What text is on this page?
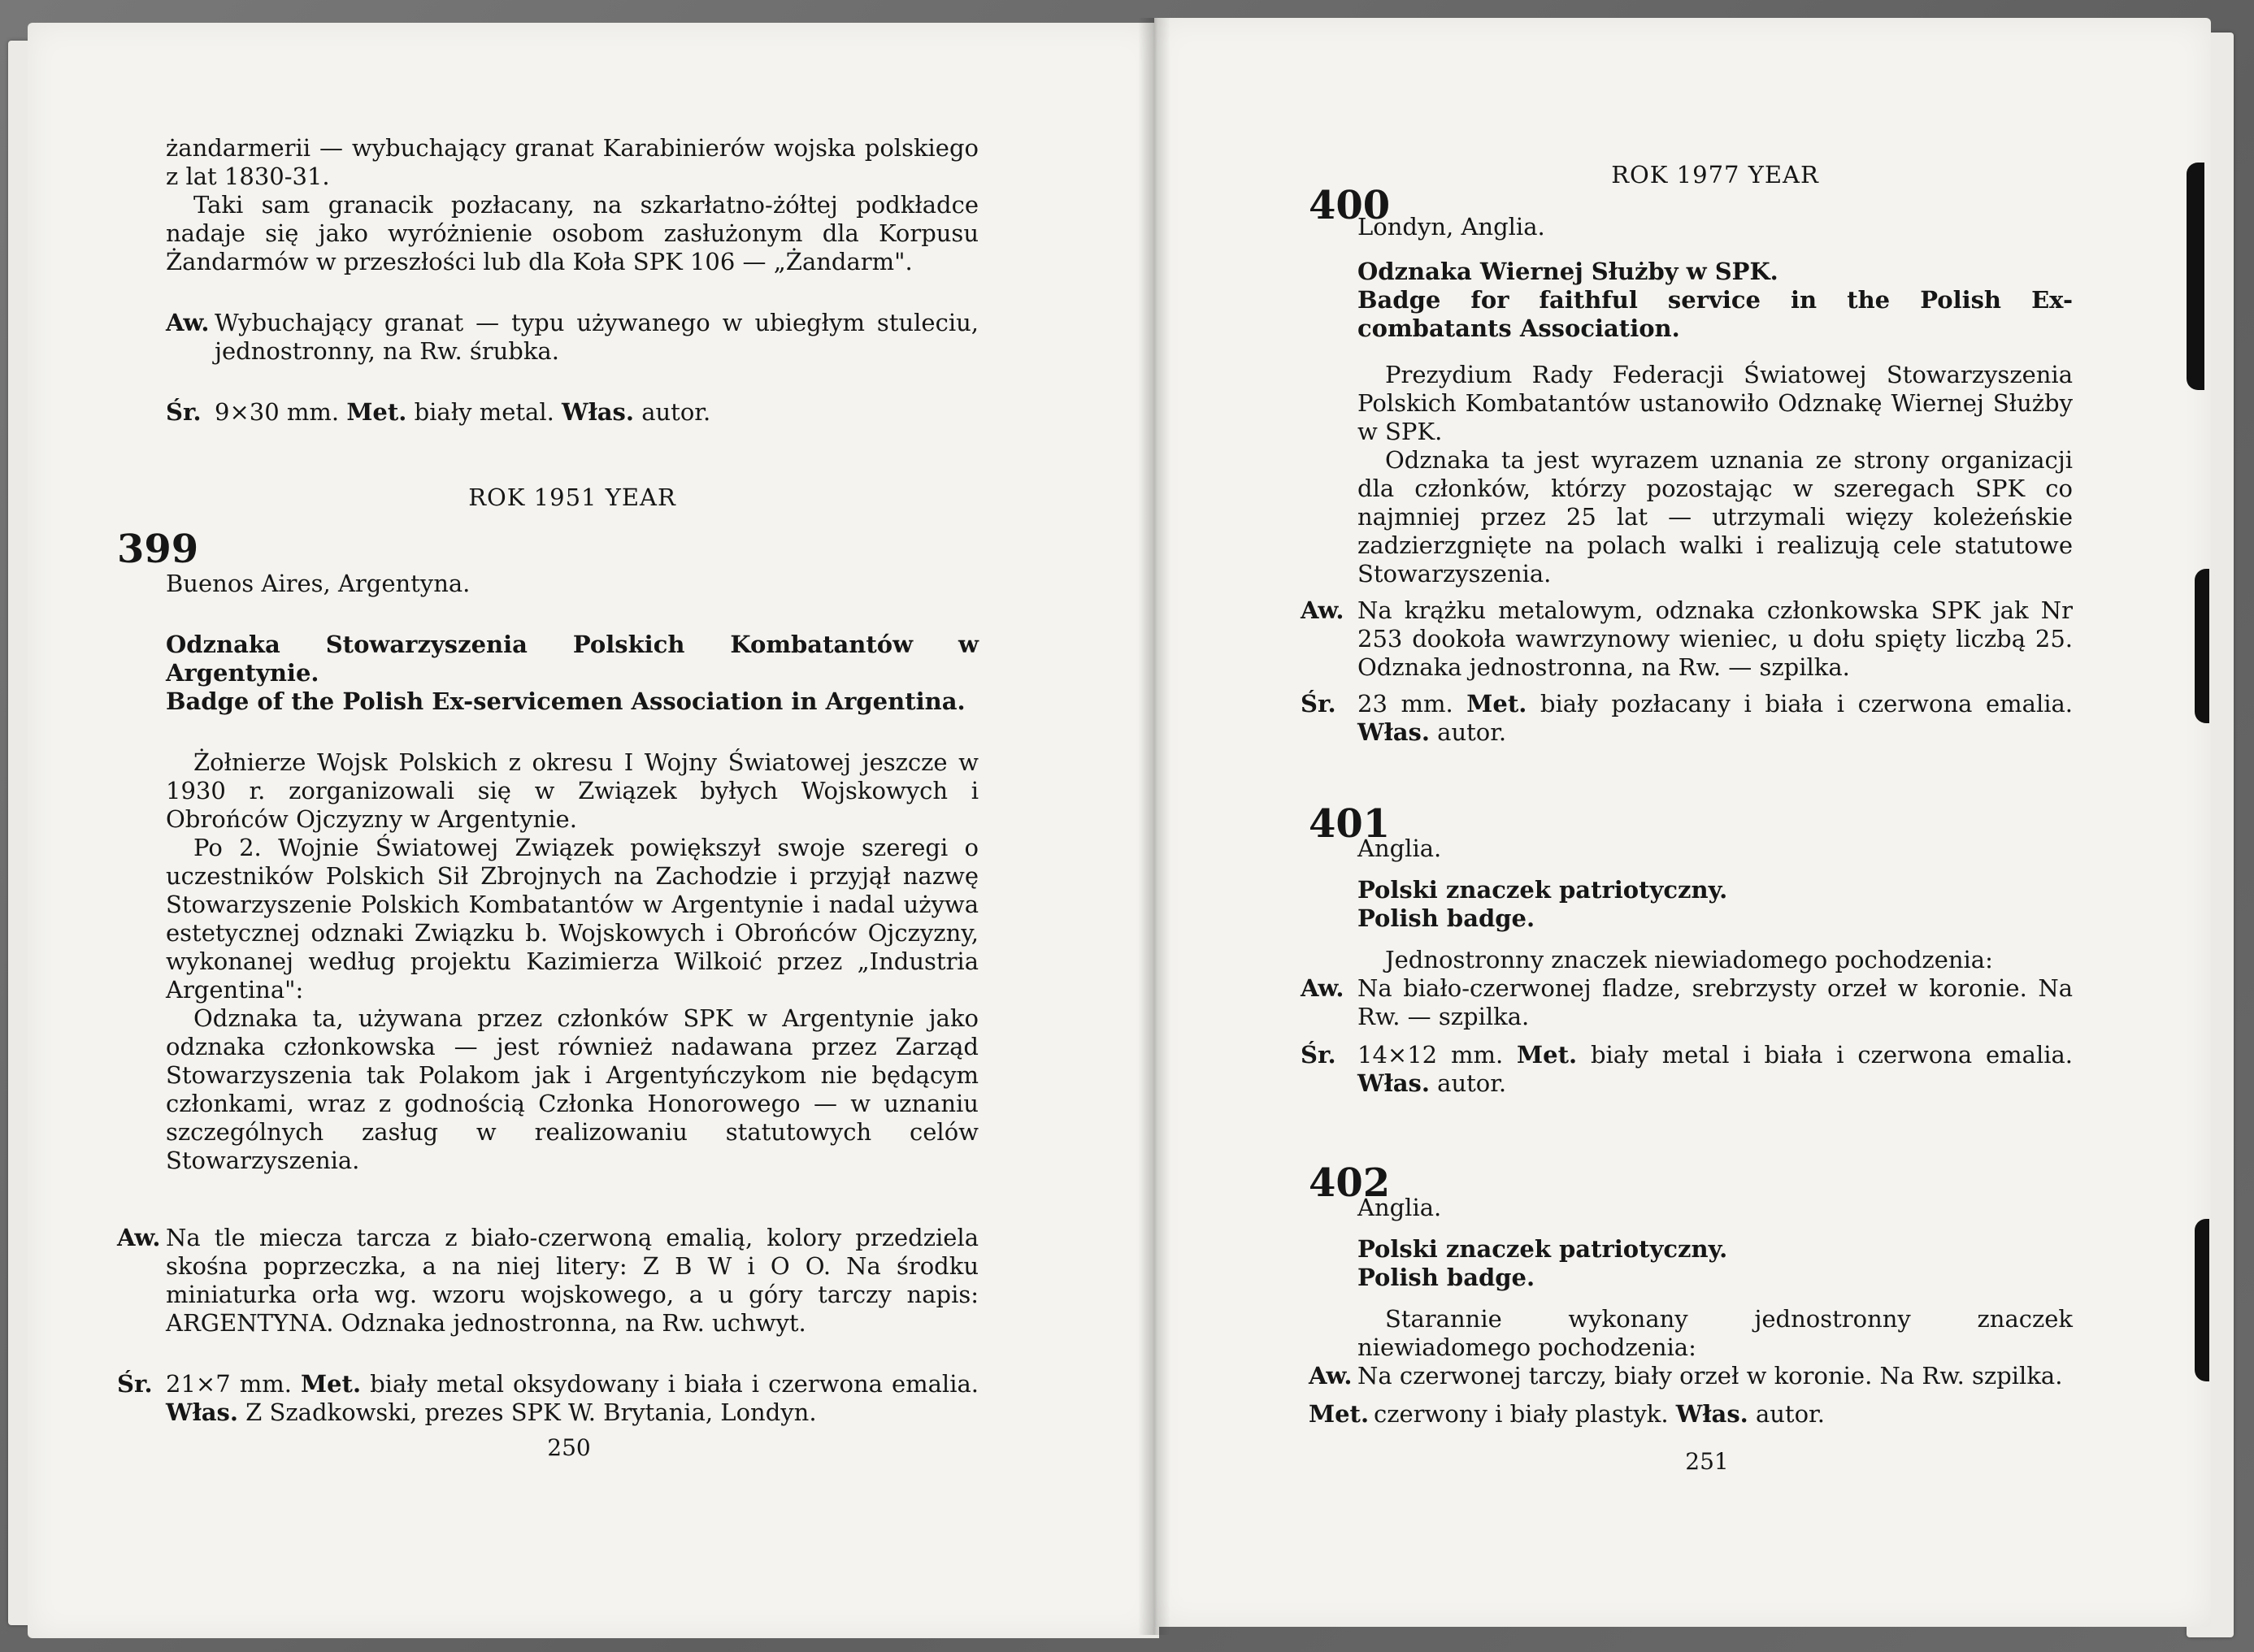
żandarmerii — wybuchający granat Karabinierów wojska polskiego z lat 1830-31.

Taki sam granacik pozłacany, na szkarłatno-żółtej podkładce nadaje się jako wyróżnienie osobom zasłużonym dla Korpusu Żandarmów w przeszłości lub dla Koła SPK 106 — „Żandarm".

Aw. Wybuchający granat — typu używanego w ubiegłym stuleciu, jednostronny, na Rw. śrubka.

Śr. 9×30 mm. Met. biały metal. Włas. autor.

ROK 1951 YEAR

399

Buenos Aires, Argentyna.

Odznaka Stowarzyszenia Polskich Kombatantów w Argentynie.

Badge of the Polish Ex-servicemen Association in Argentina.

Żołnierze Wojsk Polskich z okresu I Wojny Światowej jeszcze w 1930 r. zorganizowali się w Związek byłych Wojskowych i Obrońców Ojczyzny w Argentynie.

Po 2. Wojnie Światowej Związek powiększył swoje szeregi o uczestników Polskich Sił Zbrojnych na Zachodzie i przyjął nazwę Stowarzyszenie Polskich Kombatantów w Argentynie i nadal używa estetycznej odznaki Związku b. Wojskowych i Obrońców Ojczyzny, wykonanej według projektu Kazimierza Wilkoić przez „Industria Argentina":

Odznaka ta, używana przez członków SPK w Argentynie jako odznaka członkowska — jest również nadawana przez Zarząd Stowarzyszenia tak Polakom jak i Argentyńczykom nie będącym członkami, wraz z godnością Członka Honorowego — w uznaniu szczególnych zasług w realizowaniu statutowych celów Stowarzyszenia.

Aw. Na tle miecza tarcza z biało-czerwoną emalią, kolory przedziela skośna poprzeczka, a na niej litery: Z B W i O O. Na środku miniaturka orła wg. wzoru wojskowego, a u góry tarczy napis: ARGENTYNA. Odznaka jednostronna, na Rw. uchwyt.

Śr. 21×7 mm. Met. biały metal oksydowany i biała i czerwona emalia. Włas. Z Szadkowski, prezes SPK W. Brytania, Londyn.

250

ROK 1977 YEAR

400

Londyn, Anglia.

Odznaka Wiernej Służby w SPK.

Badge for faithful service in the Polish Ex-combatants Association.

Prezydium Rady Federacji Światowej Stowarzyszenia Polskich Kombatantów ustanowiło Odznakę Wiernej Służby w SPK.

Odznaka ta jest wyrazem uznania ze strony organizacji dla członków, którzy pozostając w szeregach SPK co najmniej przez 25 lat — utrzymali więzy koleżeńskie zadzierzgnięte na polach walki i realizują cele statutowe Stowarzyszenia.

Aw. Na krążku metalowym, odznaka członkowska SPK jak Nr 253 dookoła wawrzynowy wieniec, u dołu spięty liczbą 25. Odznaka jednostronna, na Rw. — szpilka.

Śr. 23 mm. Met. biały pozłacany i biała i czerwona emalia. Włas. autor.

401

Anglia.

Polski znaczek patriotyczny.

Polish badge.

Jednostronny znaczek niewiadomego pochodzenia:

Aw. Na biało-czerwonej fladze, srebrzysty orzeł w koronie. Na Rw. — szpilka.

Śr. 14×12 mm. Met. biały metal i biała i czerwona emalia. Włas. autor.

402

Anglia.

Polski znaczek patriotyczny.

Polish badge.

Starannie wykonany jednostronny znaczek niewiadomego pochodzenia:

Aw. Na czerwonej tarczy, biały orzeł w koronie. Na Rw. szpilka.

Met. czerwony i biały plastyk. Włas. autor.

251
